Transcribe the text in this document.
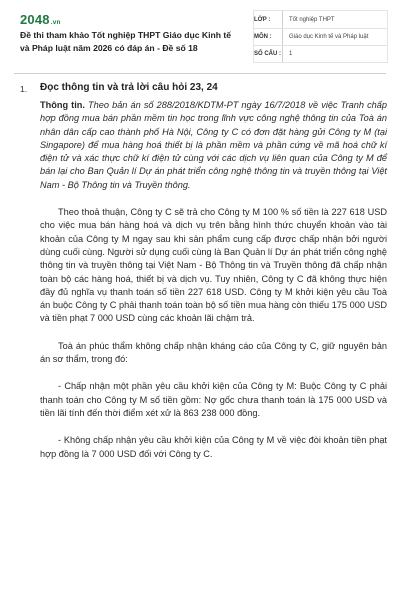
2048.vn
Đề thi tham khảo Tốt nghiệp THPT Giáo dục Kinh tế và Pháp luật năm 2026 có đáp án - Đề số 18
LỚP :	Tốt nghiệp THPT
MÔN :	Giáo dục Kinh tế và Pháp luật
SỐ CÂU :	1
1. Đọc thông tin và trả lời câu hỏi 23, 24

Thông tin. Theo bản án số 288/2018/KDTM-PT ngày 16/7/2018 về việc Tranh chấp hợp đồng mua bán phần mềm tin học trong lĩnh vực công nghệ thông tin của Toà án nhân dân cấp cao thành phố Hà Nội, Công ty C có đơn đặt hàng gửi Công ty M (tại Singapore) để mua hàng hoá thiết bị là phần mềm và phần cứng về mã hoá chữ kí điện tử và xác thực chữ kí điện tử cùng với các dịch vụ liên quan của Công ty M để bán lại cho Ban Quản lí Dự án phát triển công nghệ thông tin và truyền thông tại Việt Nam - Bộ Thông tin và Truyền thông.

Theo thoả thuận, Công ty C sẽ trả cho Công ty M 100 % số tiền là 227 618 USD cho việc mua bán hàng hoá và dịch vụ trên bằng hình thức chuyển khoản vào tài khoản của Công ty M ngay sau khi sản phẩm cung cấp được chấp nhận bởi người dùng cuối cùng. Người sử dụng cuối cùng là Ban Quản lí Dự án phát triển công nghệ thông tin và truyền thông tại Việt Nam - Bộ Thông tin và Truyền thông đã chấp nhận toàn bộ các hàng hoá, thiết bị và dịch vụ. Tuy nhiên, Công ty C đã không thực hiện đầy đủ nghĩa vụ thanh toán số tiền 227 618 USD. Công ty M khởi kiện yêu cầu Toà án buộc Công ty C phải thanh toán toàn bộ số tiền mua hàng còn thiếu 175 000 USD và tiền phạt 7 000 USD cùng các khoản lãi chậm trả.

Toà án phúc thẩm không chấp nhận kháng cáo của Công ty C, giữ nguyên bản án sơ thẩm, trong đó:

- Chấp nhận một phần yêu cầu khởi kiện của Công ty M: Buộc Công ty C phải thanh toán cho Công ty M số tiền gồm: Nợ gốc chưa thanh toán là 175 000 USD và tiền lãi tính đến thời điểm xét xử là 863 238 000 đồng.

- Không chấp nhận yêu cầu khởi kiện của Công ty M về việc đòi khoản tiền phạt hợp đồng là 7 000 USD đối với Công ty C.
